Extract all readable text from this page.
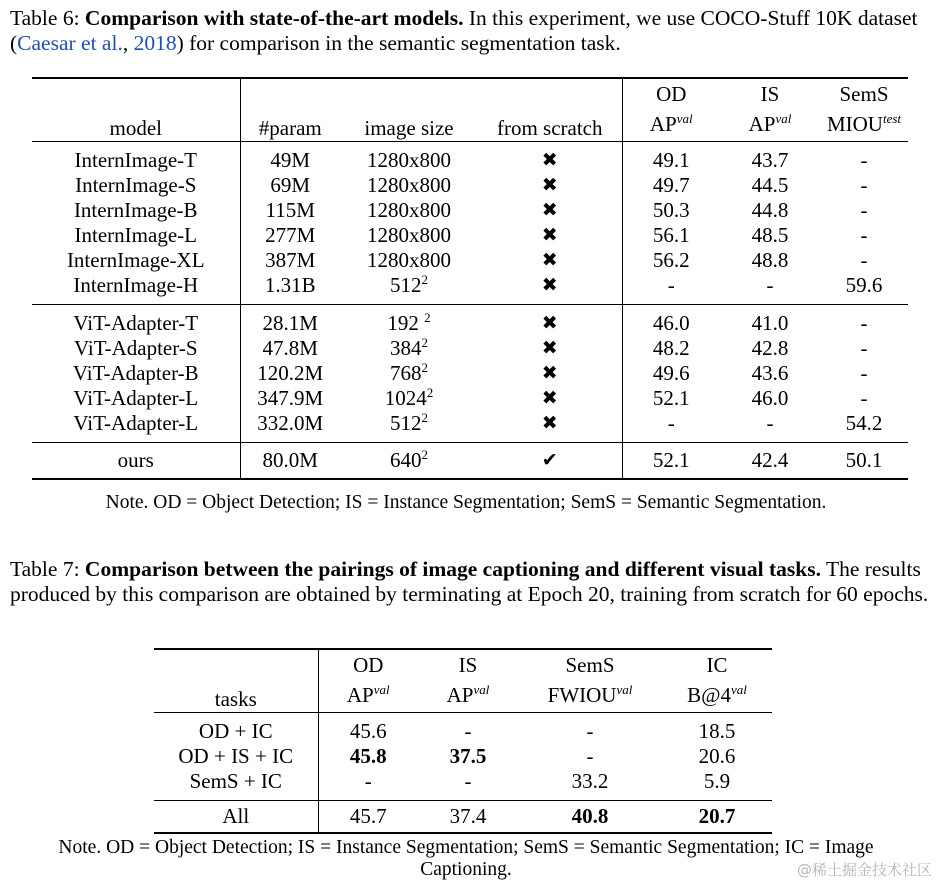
Table 6: Comparison with state-of-the-art models. In this experiment, we use COCO-Stuff 10K dataset (Caesar et al., 2018) for comparison in the semantic segmentation task.
model	#param	image size	from scratch	OD	IS	SemS
				$AP^{val}$	$AP^{val}$	$MIOU^{test}$
InternImage-T	49M	1280x800	✖	49.1	43.7	-
InternImage-S	69M	1280x800	✖	49.7	44.5	-
InternImage-B	115M	1280x800	✖	50.3	44.8	-
InternImage-L	277M	1280x800	✖	56.1	48.5	-
InternImage-XL	387M	1280x800	✖	56.2	48.8	-
InternImage-H	1.31B	$512^2$	✖	-	-	59.6
ViT-Adapter-T	28.1M	192 $^2$	✖	46.0	41.0	-
ViT-Adapter-S	47.8M	$384^2$	✖	48.2	42.8	-
ViT-Adapter-B	120.2M	$768^2$	✖	49.6	43.6	-
ViT-Adapter-L	347.9M	1024$^2$	✖	52.1	46.0	-
ViT-Adapter-L	332.0M	$512^2$	✖	-	-	54.2
ours	80.0M	$640^2$	✔	52.1	42.4	50.1
Note. OD = Object Detection; IS = Instance Segmentation; SemS = Semantic Segmentation.
Table 7: Comparison between the pairings of image captioning and different visual tasks. The results produced by this comparison are obtained by terminating at Epoch 20, training from scratch for 60 epochs.
tasks	OD	IS	SemS	IC
	$AP^{val}$	$AP^{val}$	$FWIOU^{val}$	$B@4^{val}$
OD + IC	45.6	-	-	18.5
OD + IS + IC	45.8	37.5	-	20.6
SemS + IC	-	-	33.2	5.9
All	45.7	37.4	40.8	20.7
Note. OD = Object Detection; IS = Instance Segmentation; SemS = Semantic Segmentation; IC = Image
Captioning.	@稀土掘金技术社区
